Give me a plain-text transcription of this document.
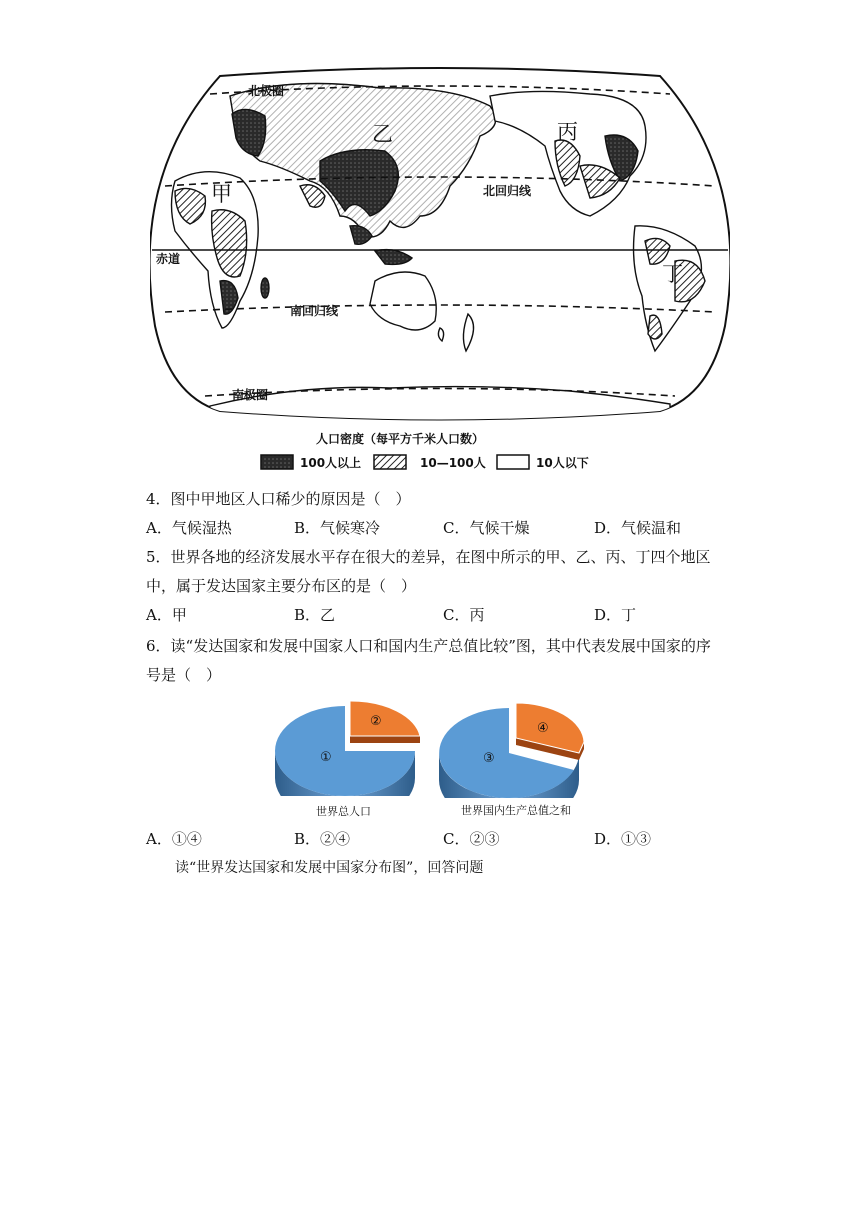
北极圈
北回归线
赤道
南回归线
南极圈
甲
乙	丙
丁
人口密度（每平方千米人口数）
100人以上	10—100人	10人以下
4．图中甲地区人口稀少的原因是（　）
A．气候湿热	B．气候寒冷	C．气候干燥	D．气候温和
5．世界各地的经济发展水平存在很大的差异，在图中所示的甲、乙、丙、丁四个地区
中，属于发达国家主要分布区的是（　）
A．甲	B．乙	C．丙	D．丁
6．读“发达国家和发展中国家人口和国内生产总值比较”图，其中代表发展中国家的序
号是（　）
①
②
世界总人口
③
④
世界国内生产总值之和
A．①④	B．②④	C．②③	D．①③
读“世界发达国家和发展中国家分布图”，回答问题
